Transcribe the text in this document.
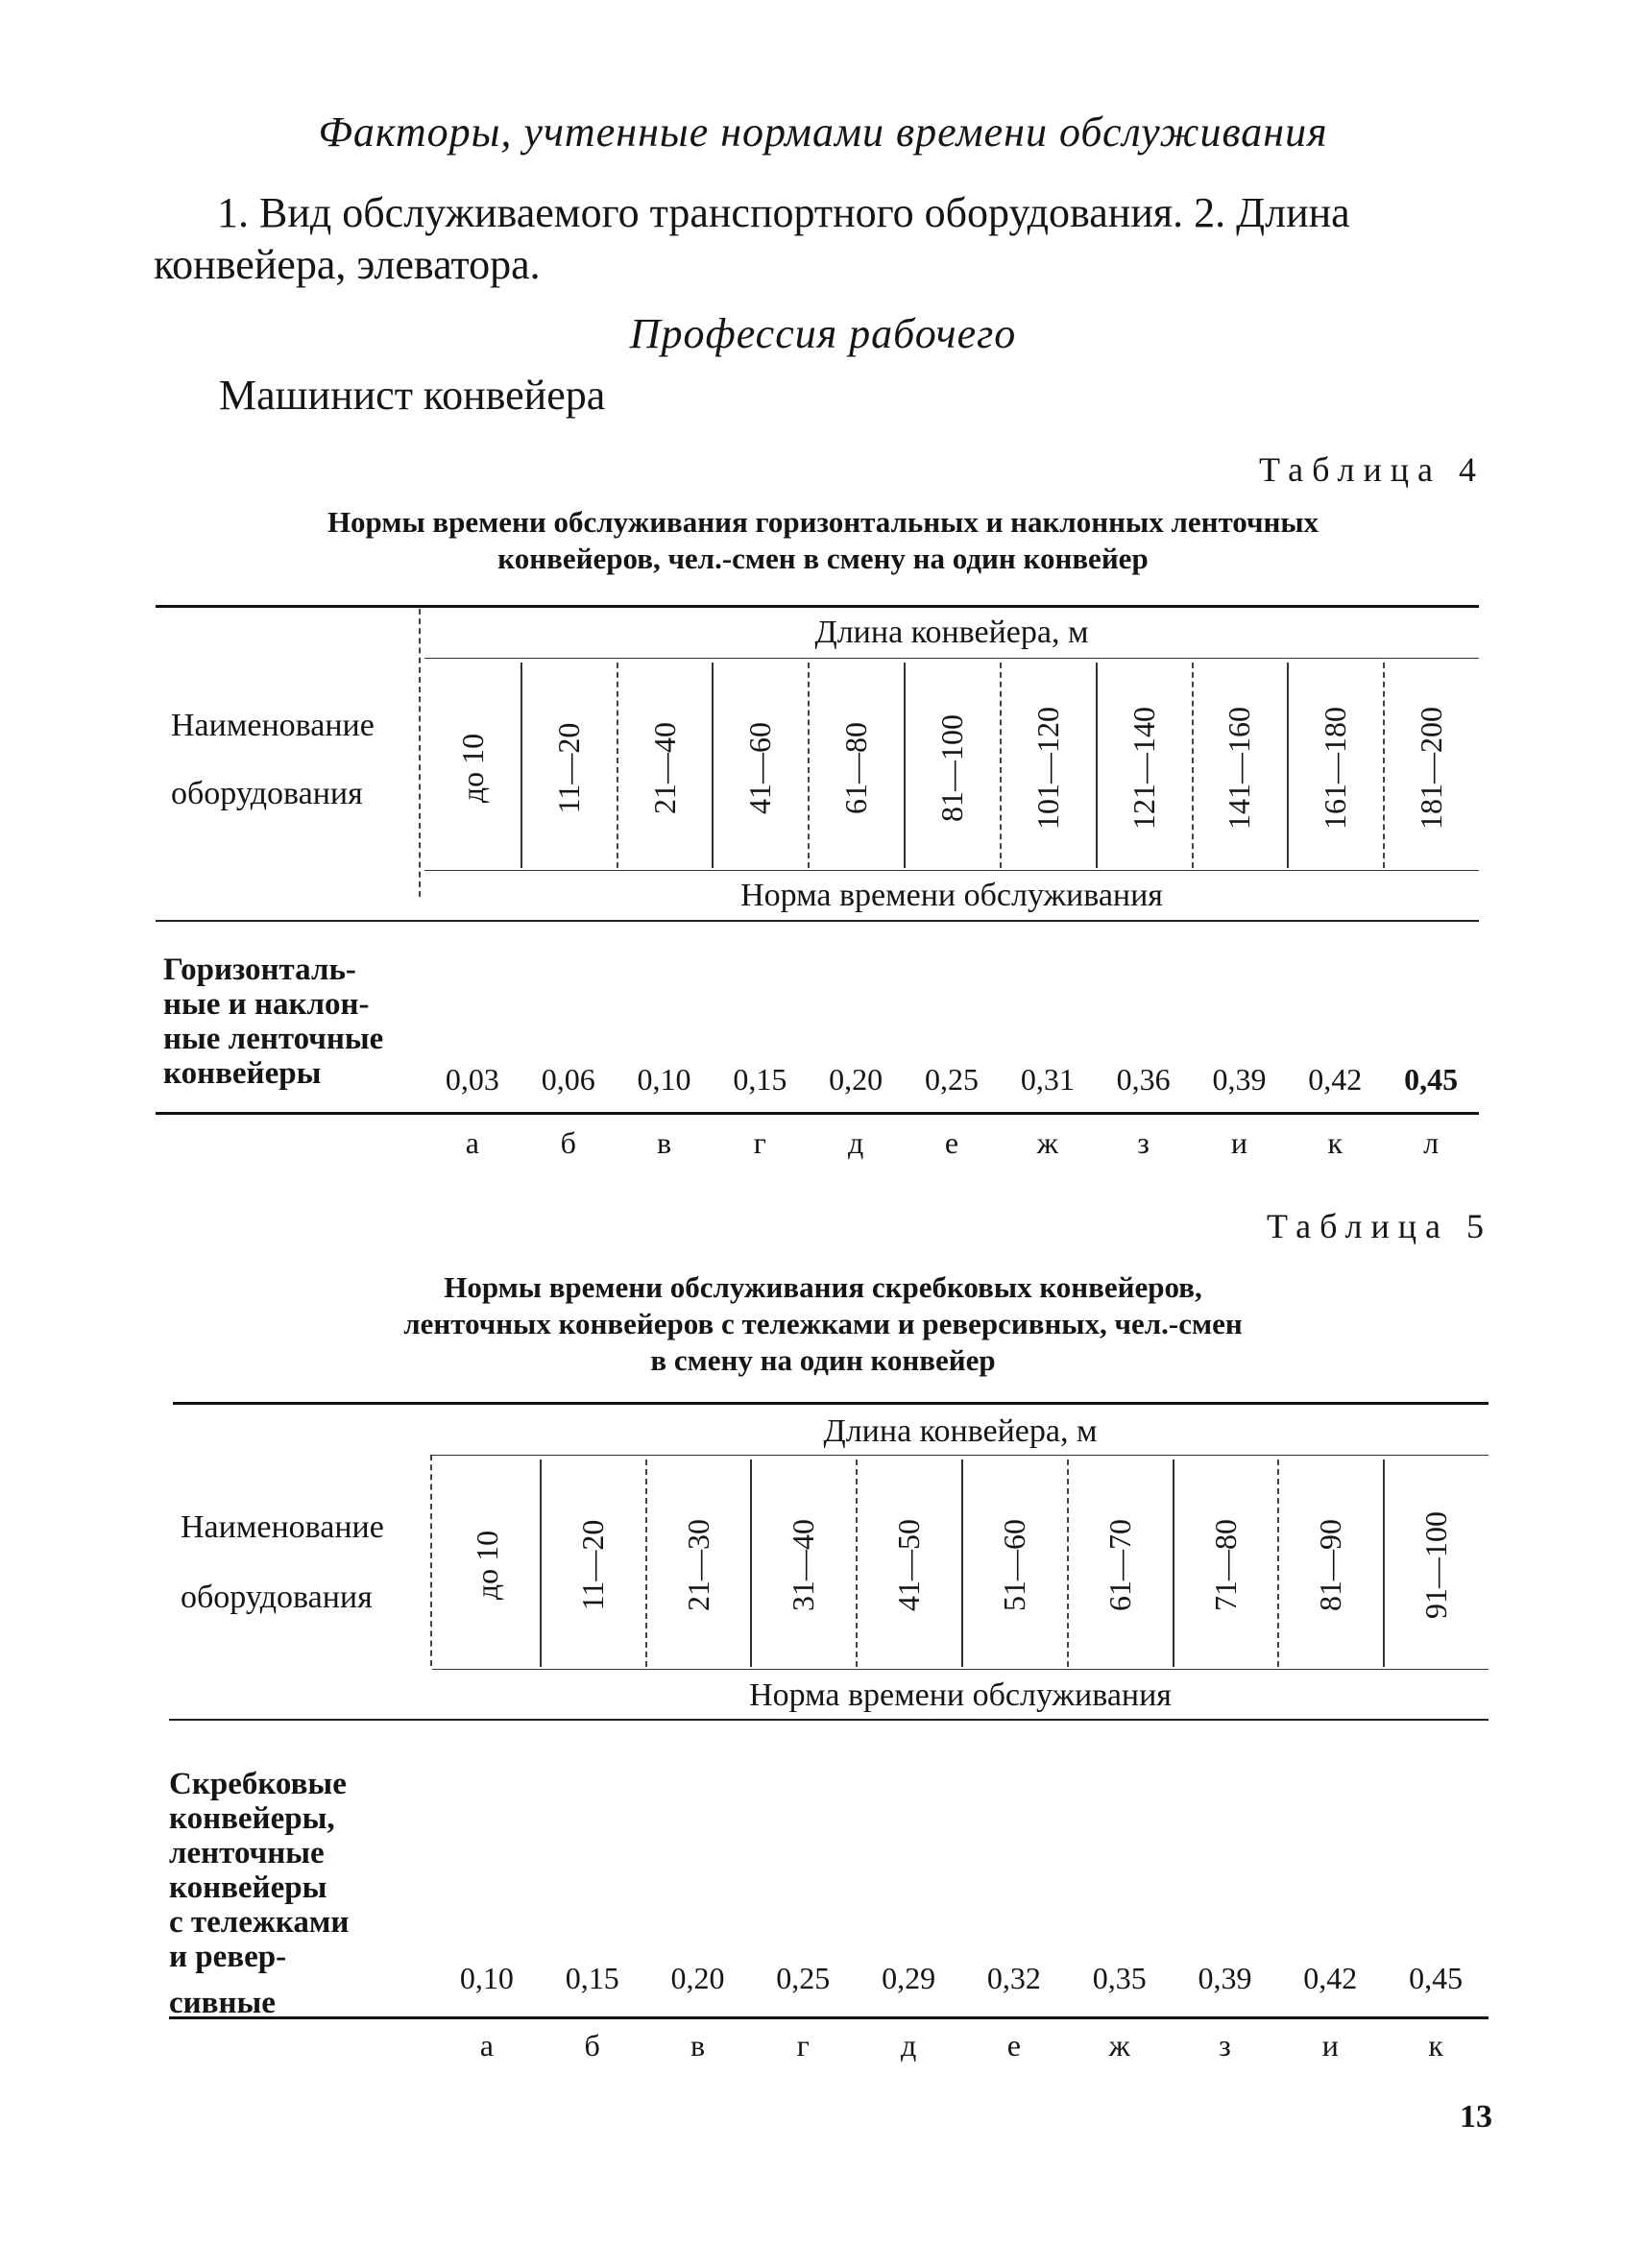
Факторы, учтенные нормами времени обслуживания
1. Вид обслуживаемого транспортного оборудования. 2. Длина конвейера, элеватора.
Профессия рабочего
Машинист конвейера
Таблица 4
Нормы времени обслуживания горизонтальных и наклонных ленточных
конвейеров, чел.-смен в смену на один конвейер
Длина конвейера, м
Наименование
оборудования
Норма времени обслуживания
до 10 11—20 21—40 41—60 61—80 81—100 101—120 121—140 141—160 161—180 181—200
Горизонталь-
ные и наклон-
ные ленточные
конвейеры	0,03	0,06	0,10	0,15	0,20	0,25	0,31	0,36	0,39	0,42	0,45
а	б	в	г	д	е	ж	з	и	к	л
Таблица 5
Нормы времени обслуживания скребковых конвейеров,
ленточных конвейеров с тележками и реверсивных, чел.-смен
в смену на один конвейер
Длина конвейера, м
Наименование
оборудования
Норма времени обслуживания
до 10 11—20 21—30 31—40 41—50 51—60 61—70 71—80 81—90 91—100
Скребковые
конвейеры,
ленточные
конвейеры
с тележками
и ревер-
сивные
0,10	0,15	0,20	0,25	0,29	0,32	0,35	0,39	0,42	0,45
а	б	в	г	д	е	ж	з	и	к
13
